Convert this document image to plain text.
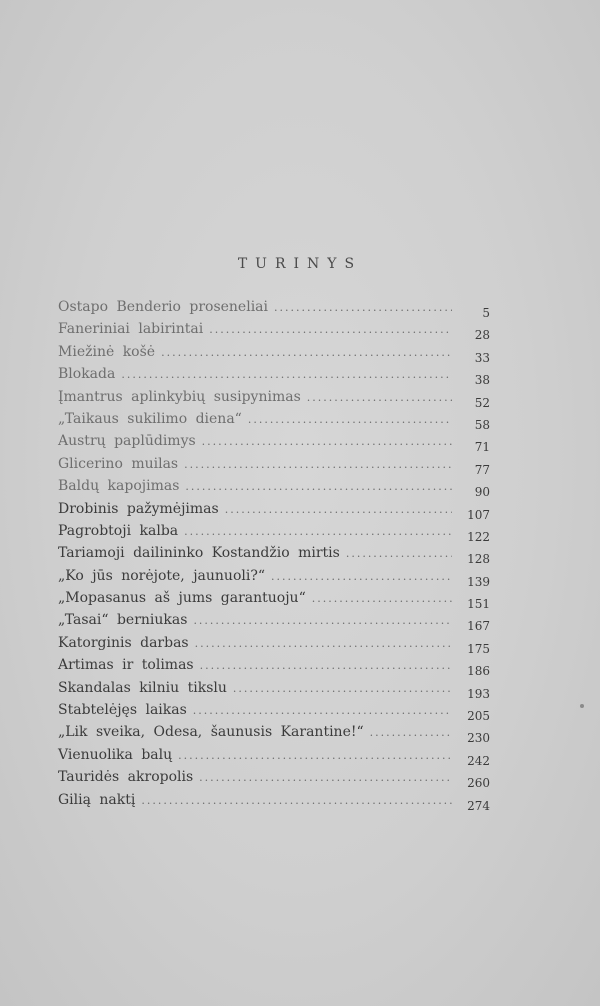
TURINYS
Ostapo Benderio proseneliai .....	5
Faneriniai labirintai .....	28
Miežinė košė .....	33
Blokada .....	38
Įmantrus aplinkybių susipynimas .....	52
„Taikaus sukilimo diena“ .....	58
Austrų paplūdimys .....	71
Glicerino muilas .....	77
Baldų kapojimas .....	90
Drobinis pažymėjimas .....	107
Pagrobtoji kalba .....	122
Tariamoji dailininko Kostandžio mirtis .....	128
„Ko jūs norėjote, jaunuoli?“ .....	139
„Mopasanus aš jums garantuoju“ .....	151
„Tasai“ berniukas .....	167
Katorginis darbas .....	175
Artimas ir tolimas .....	186
Skandalas kilniu tikslu .....	193
Stabtelėjęs laikas .....	205
„Lik sveika, Odesa, šaunusis Karantine!“ .....	230
Vienuolika balų .....	242
Tauridės akropolis .....	260
Gilią naktį .....	274
